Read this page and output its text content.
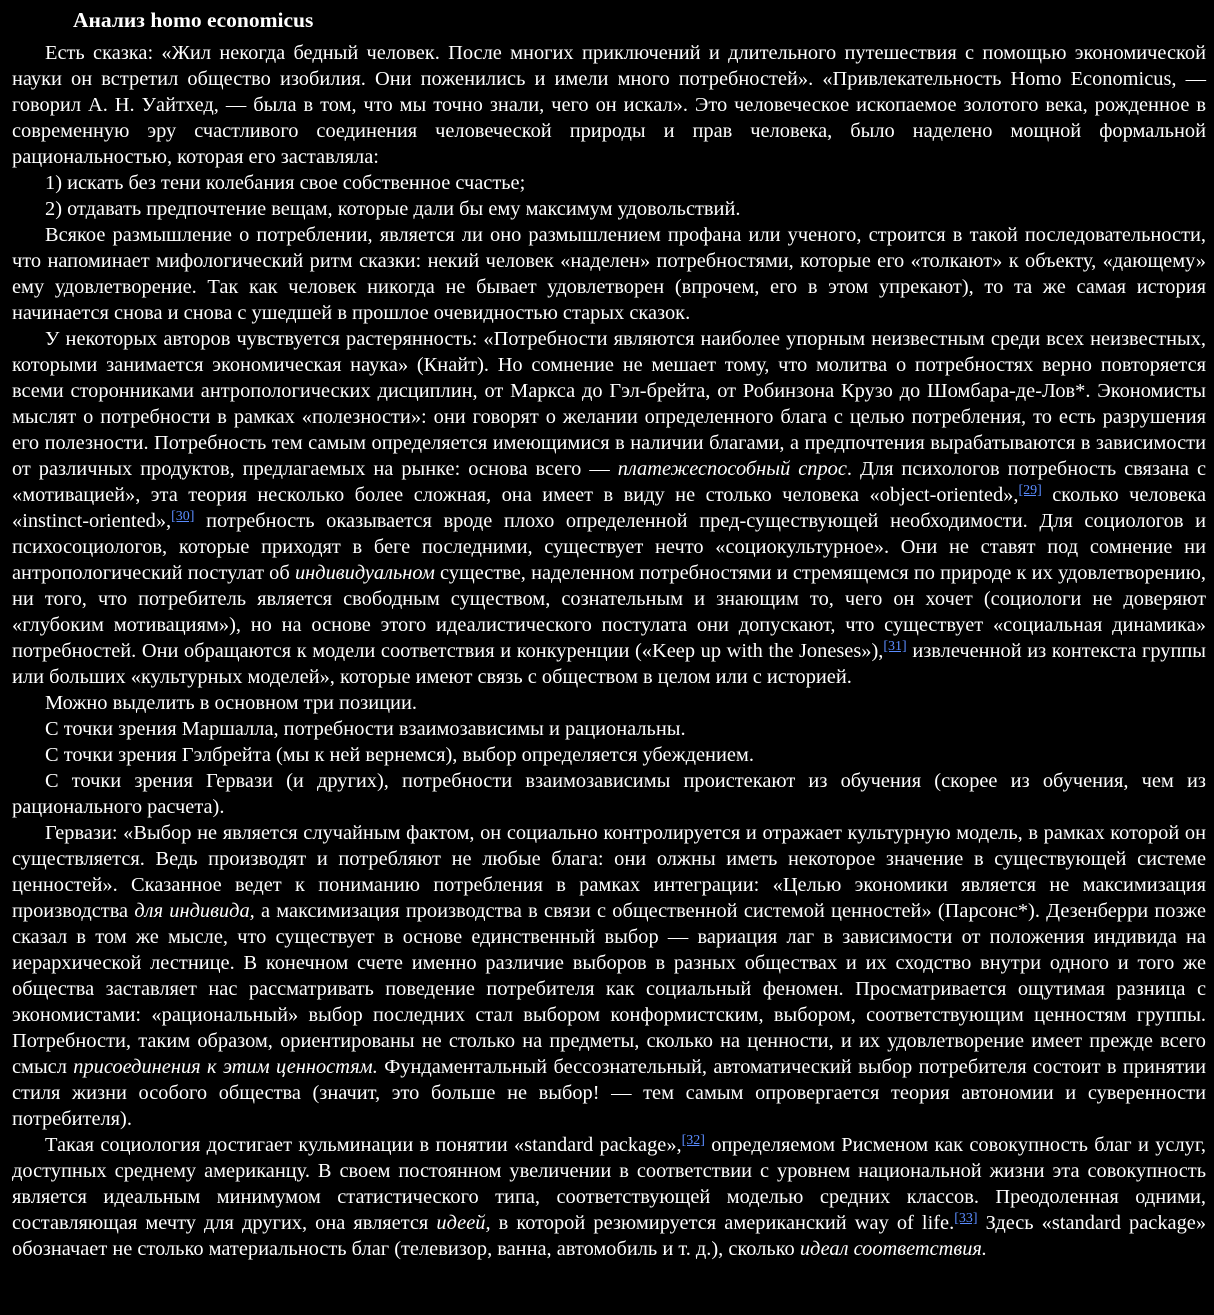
Анализ homo economicus

Есть сказка: «Жил некогда бедный человек. После многих приключений и длительного путешествия с помощью экономической науки он встретил общество изобилия. Они поженились и имели много потребностей». «Привлекательность Homo Economicus, — говорил А. Н. Уайтхед, — была в том, что мы точно знали, чего он искал». Это человеческое ископаемое золотого века, рожденное в современную эру счастливого соединения человеческой природы и прав человека, было наделено мощной формальной рациональностью, которая его заставляла:

1) искать без тени колебания свое собственное счастье;

2) отдавать предпочтение вещам, которые дали бы ему максимум удовольствий.

Всякое размышление о потреблении, является ли оно размышлением профана или ученого, строится в такой последовательности, что напоминает мифологический ритм сказки: некий человек «наделен» потребностями, которые его «толкают» к объекту, «дающему» ему удовлетворение. Так как человек никогда не бывает удовлетворен (впрочем, его в этом упрекают), то та же самая история начинается снова и снова с ушедшей в прошлое очевидностью старых сказок.

У некоторых авторов чувствуется растерянность: «Потребности являются наиболее упорным неизвестным среди всех неизвестных, которыми занимается экономическая наука» (Кнайт). Но сомнение не мешает тому, что молитва о потребностях верно повторяется всеми сторонниками антропологических дисциплин, от Маркса до Гэл-брейта, от Робинзона Крузо до Шомбара-де-Лов*. Экономисты мыслят о потребности в рамках «полезности»: они говорят о желании определенного блага с целью потребления, то есть разрушения его полезности. Потребность тем самым определяется имеющимися в наличии благами, а предпочтения вырабатываются в зависимости от различных продуктов, предлагаемых на рынке: основа всего — платежеспособный спрос. Для психологов потребность связана с «мотивацией», эта теория несколько более сложная, она имеет в виду не столько человека «object-oriented»,[29] сколько человека «instinct-oriented»,[30] потребность оказывается вроде плохо определенной пред-существующей необходимости. Для социологов и психосоциологов, которые приходят в беге последними, существует нечто «социокультурное». Они не ставят под сомнение ни антропологический постулат об индивидуальном существе, наделенном потребностями и стремящемся по природе к их удовлетворению, ни того, что потребитель является свободным существом, сознательным и знающим то, чего он хочет (социологи не доверяют «глубоким мотивациям»), но на основе этого идеалистического постулата они допускают, что существует «социальная динамика» потребностей. Они обращаются к модели соответствия и конкуренции («Keep up with the Joneses»),[31] извлеченной из контекста группы или больших «культурных моделей», которые имеют связь с обществом в целом или с историей.

Можно выделить в основном три позиции.

С точки зрения Маршалла, потребности взаимозависимы и рациональны.

С точки зрения Гэлбрейта (мы к ней вернемся), выбор определяется убеждением.

С точки зрения Гервази (и других), потребности взаимозависимы проистекают из обучения (скорее из обучения, чем из рационального расчета).

Гервази: «Выбор не является случайным фактом, он социально контролируется и отражает культурную модель, в рамках которой он существляется. Ведь производят и потребляют не любые блага: они олжны иметь некоторое значение в существующей системе ценностей». Сказанное ведет к пониманию потребления в рамках интеграции: «Целью экономики является не максимизация производства для индивида, а максимизация производства в связи с общественной системой ценностей» (Парсонс*). Дезенберри позже сказал в том же мысле, что существует в основе единственный выбор — вариация лаг в зависимости от положения индивида на иерархической лестнице. В конечном счете именно различие выборов в разных обществах и их сходство внутри одного и того же общества заставляет нас рассматривать поведение потребителя как социальный феномен. Просматривается ощутимая разница с экономистами: «рациональный» выбор последних стал выбором конформистским, выбором, соответствующим ценностям группы. Потребности, таким образом, ориентированы не столько на предметы, сколько на ценности, и их удовлетворение имеет прежде всего смысл присоединения к этим ценностям. Фундаментальный бессознательный, автоматический выбор потребителя состоит в принятии стиля жизни особого общества (значит, это больше не выбор! — тем самым опровергается теория автономии и суверенности потребителя).

Такая социология достигает кульминации в понятии «standard package»,[32] определяемом Рисменом как совокупность благ и услуг, доступных среднему американцу. В своем постоянном увеличении в соответствии с уровнем национальной жизни эта совокупность является идеальным минимумом статистического типа, соответствующей моделью средних классов. Преодоленная одними, составляющая мечту для других, она является идеей, в которой резюмируется американский way of life.[33] Здесь «standard package» обозначает не столько материальность благ (телевизор, ванна, автомобиль и т. д.), сколько идеал соответствия.
